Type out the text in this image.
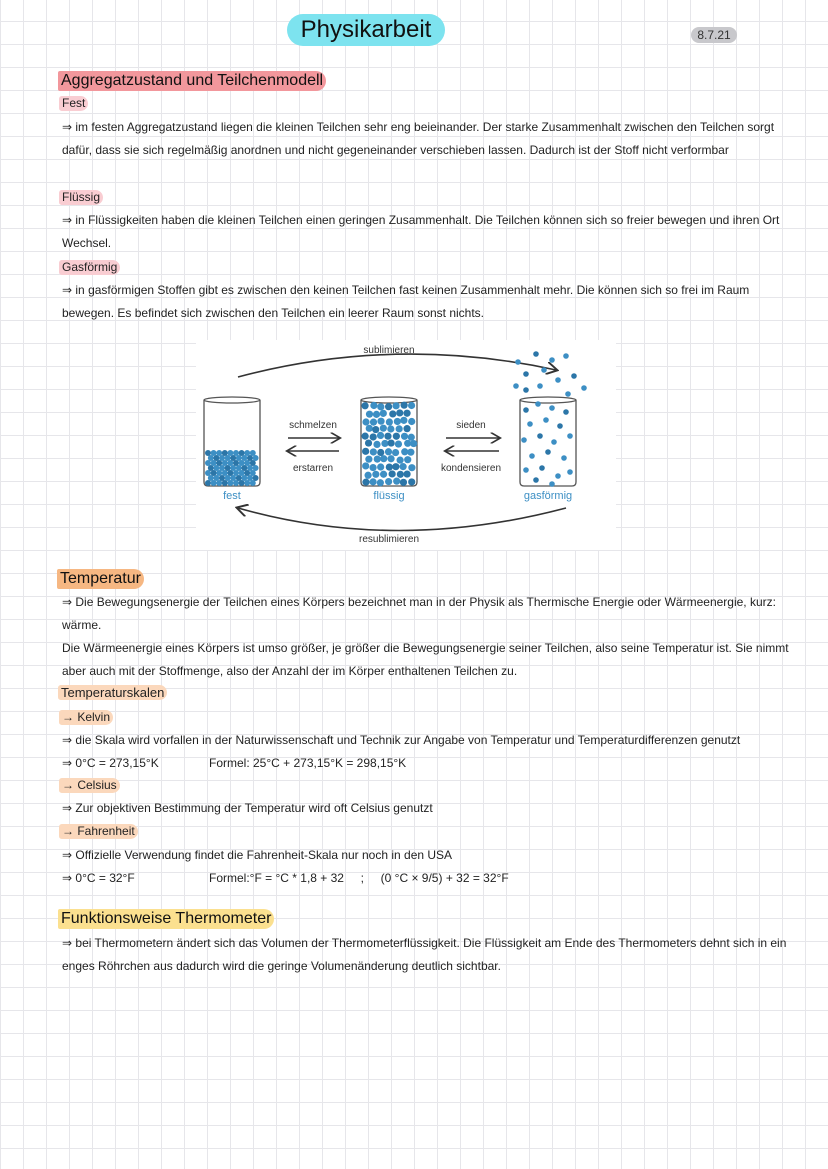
Physikarbeit	8.7.21
Aggregatzustand und Teilchenmodell
Fest
⇒ im festen Aggregatzustand liegen die kleinen Teilchen sehr eng beieinander. Der starke Zusammenhalt zwischen den Teilchen sorgt dafür, dass sie sich regelmäßig anordnen und nicht gegeneinander verschieben lassen. Dadurch ist der Stoff nicht verformbar
Flüssig
⇒ in Flüssigkeiten haben die kleinen Teilchen einen geringen Zusammenhalt. Die Teilchen können sich so freier bewegen und ihren Ort Wechsel.
Gasförmig
⇒ in gasförmigen Stoffen gibt es zwischen den keinen Teilchen fast keinen Zusammenhalt mehr. Die können sich so frei im Raum bewegen. Es befindet sich zwischen den Teilchen ein leerer Raum sonst nichts.
sublimieren
resublimieren
schmelzen
erstarren
sieden
kondensieren
fest	flüssig	gasförmig
Temperatur
⇒ Die Bewegungsenergie der Teilchen eines Körpers bezeichnet man in der Physik als Thermische Energie oder Wärmeenergie, kurz: wärme.
Die Wärmeenergie eines Körpers ist umso größer, je größer die Bewegungsenergie seiner Teilchen, also seine Temperatur ist. Sie nimmt aber auch mit der Stoffmenge, also der Anzahl der im Körper enthaltenen Teilchen zu.
Temperaturskalen
→ Kelvin
⇒ die Skala wird vorfallen in der Naturwissenschaft und Technik zur Angabe von Temperatur und Temperaturdifferenzen genutzt
⇒ 0°C = 273,15°K	Formel: 25°C + 273,15°K = 298,15°K
→ Celsius
⇒ Zur objektiven Bestimmung der Temperatur wird oft Celsius genutzt
→ Fahrenheit
⇒ Offizielle Verwendung findet die Fahrenheit-Skala nur noch in den USA
⇒ 0°C = 32°F	Formel:°F = °C * 1,8 + 32     ;     (0 °C × 9/5) + 32 = 32°F
Funktionsweise Thermometer
⇒ bei Thermometern ändert sich das Volumen der Thermometerflüssigkeit. Die Flüssigkeit am Ende des Thermometers dehnt sich in ein enges Röhrchen aus dadurch wird die geringe Volumenänderung deutlich sichtbar.
